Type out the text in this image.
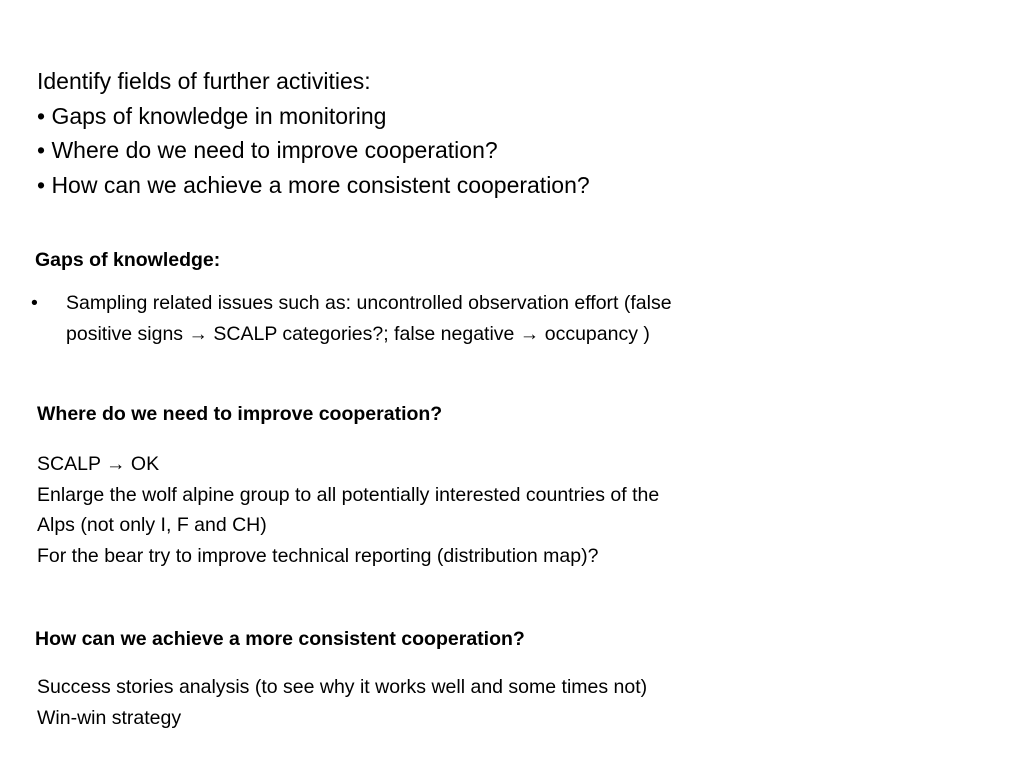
Identify fields of further activities:
• Gaps of knowledge in monitoring
• Where do we need to improve cooperation?
• How can we achieve a more consistent cooperation?
Gaps of knowledge:
• Sampling related issues such as: uncontrolled observation effort (false
positive signs → SCALP categories?; false negative → occupancy )
Where do we need to improve cooperation?
SCALP → OK
Enlarge the wolf alpine group to all potentially interested countries of the
Alps (not only I, F and CH)
For the bear try to improve technical reporting (distribution map)?
How can we achieve a more consistent cooperation?
Success stories analysis (to see why it works well and some times not)
Win-win strategy
